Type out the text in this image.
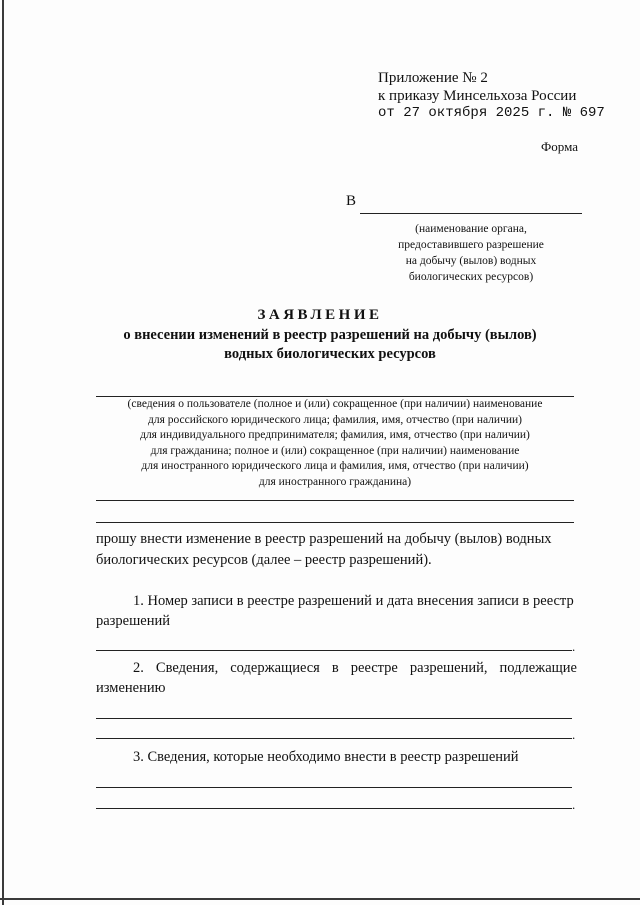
Приложение № 2
к приказу Минсельхоза России
от 27 октября 2025 г. № 697
Форма
В
(наименование органа,
предоставившего разрешение
на добычу (вылов) водных
биологических ресурсов)
ЗАЯВЛЕНИЕ
о внесении изменений в реестр разрешений на добычу (вылов)
водных биологических ресурсов
(сведения о пользователе (полное и (или) сокращенное (при наличии) наименование
для российского юридического лица; фамилия, имя, отчество (при наличии)
для индивидуального предпринимателя; фамилия, имя, отчество (при наличии)
для гражданина; полное и (или) сокращенное (при наличии) наименование
для иностранного юридического лица и фамилия, имя, отчество (при наличии)
для иностранного гражданина)
прошу внести изменение в реестр разрешений на добычу (вылов) водных
биологических ресурсов (далее – реестр разрешений).
1. Номер записи в реестре разрешений и дата внесения записи в реестр
разрешений
.
2. Сведения, содержащиеся в реестре разрешений, подлежащие
изменению
.
3. Сведения, которые необходимо внести в реестр разрешений
.
